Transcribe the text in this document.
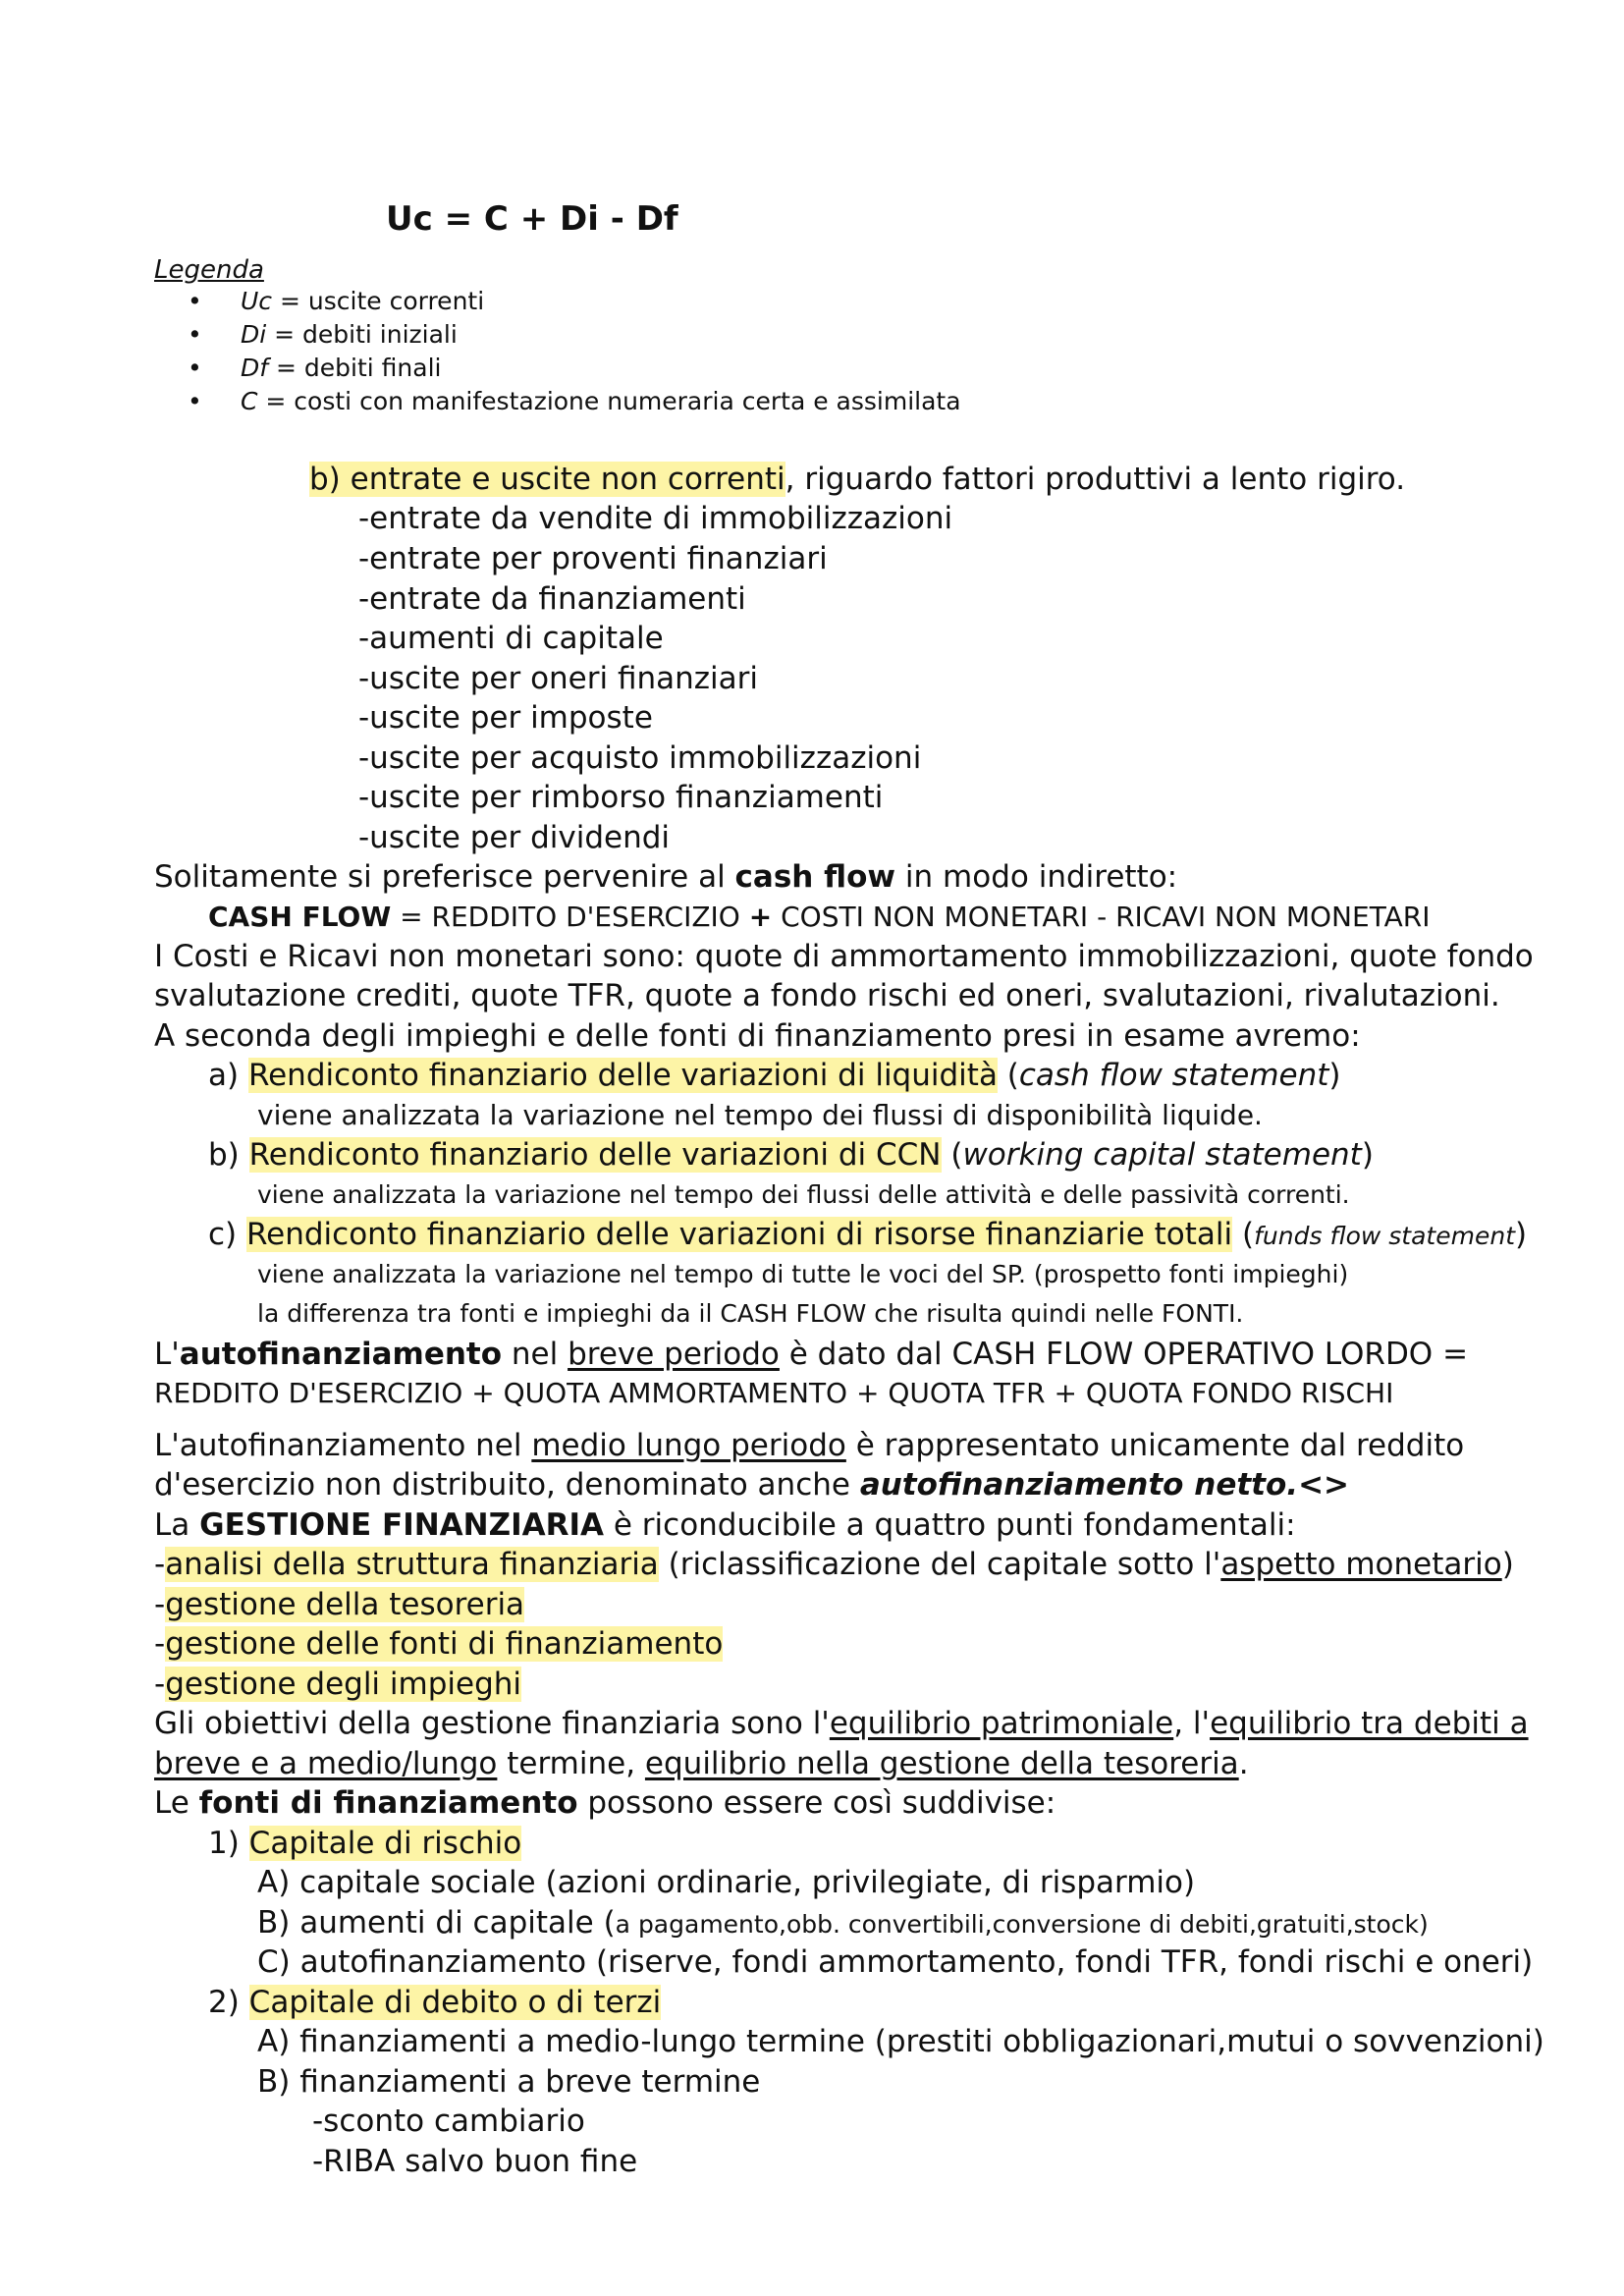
Uc = C + Di - Df
Legenda
• Uc = uscite correnti
• Di = debiti iniziali
• Df = debiti finali
• C = costi con manifestazione numeraria certa e assimilata
b) entrate e uscite non correnti, riguardo fattori produttivi a lento rigiro.
-entrate da vendite di immobilizzazioni
-entrate per proventi finanziari
-entrate da finanziamenti
-aumenti di capitale
-uscite per oneri finanziari
-uscite per imposte
-uscite per acquisto immobilizzazioni
-uscite per rimborso finanziamenti
-uscite per dividendi
Solitamente si preferisce pervenire al cash flow in modo indiretto:
CASH FLOW = REDDITO D'ESERCIZIO + COSTI NON MONETARI - RICAVI NON MONETARI
I Costi e Ricavi non monetari sono: quote di ammortamento immobilizzazioni, quote fondo
svalutazione crediti, quote TFR, quote a fondo rischi ed oneri, svalutazioni, rivalutazioni.
A seconda degli impieghi e delle fonti di finanziamento presi in esame avremo:
a) Rendiconto finanziario delle variazioni di liquidità (cash flow statement)
viene analizzata la variazione nel tempo dei flussi di disponibilità liquide.
b) Rendiconto finanziario delle variazioni di CCN (working capital statement)
viene analizzata la variazione nel tempo dei flussi delle attività e delle passività correnti.
c) Rendiconto finanziario delle variazioni di risorse finanziarie totali (funds flow statement)
viene analizzata la variazione nel tempo di tutte le voci del SP. (prospetto fonti impieghi)
la differenza tra fonti e impieghi da il CASH FLOW che risulta quindi nelle FONTI.
L'autofinanziamento nel breve periodo è dato dal CASH FLOW OPERATIVO LORDO =
REDDITO D'ESERCIZIO + QUOTA AMMORTAMENTO + QUOTA TFR + QUOTA FONDO RISCHI
L'autofinanziamento nel medio lungo periodo è rappresentato unicamente dal reddito
d'esercizio non distribuito, denominato anche autofinanziamento netto.<>
La GESTIONE FINANZIARIA è riconducibile a quattro punti fondamentali:
-analisi della struttura finanziaria (riclassificazione del capitale sotto l'aspetto monetario)
-gestione della tesoreria
-gestione delle fonti di finanziamento
-gestione degli impieghi
Gli obiettivi della gestione finanziaria sono l'equilibrio patrimoniale, l'equilibrio tra debiti a
breve e a medio/lungo termine, equilibrio nella gestione della tesoreria.
Le fonti di finanziamento possono essere così suddivise:
1) Capitale di rischio
A) capitale sociale (azioni ordinarie, privilegiate, di risparmio)
B) aumenti di capitale (a pagamento,obb. convertibili,conversione di debiti,gratuiti,stock)
C) autofinanziamento (riserve, fondi ammortamento, fondi TFR, fondi rischi e oneri)
2) Capitale di debito o di terzi
A) finanziamenti a medio-lungo termine (prestiti obbligazionari,mutui o sovvenzioni)
B) finanziamenti a breve termine
-sconto cambiario
-RIBA salvo buon fine
